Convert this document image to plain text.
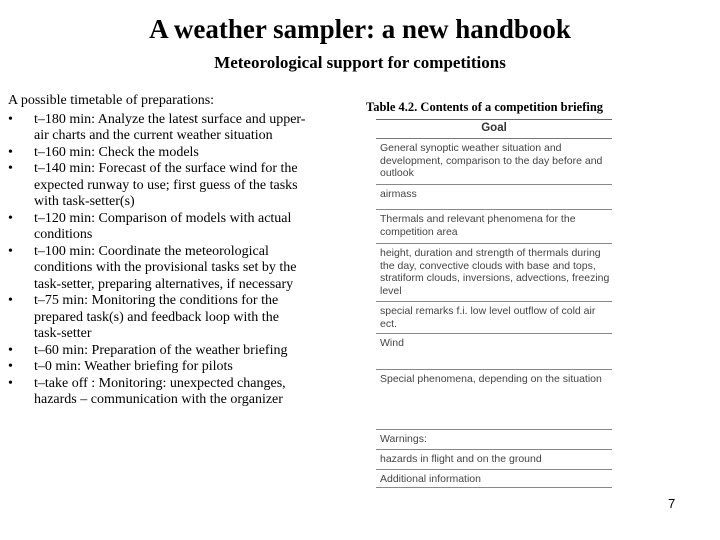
A weather sampler: a new handbook
Meteorological support for competitions

A possible timetable of preparations:

• t–180 min: Analyze the latest surface and upper-air charts and the current weather situation
• t–160 min: Check the models
• t–140 min: Forecast of the surface wind for the expected runway to use; first guess of the tasks with task-setter(s)
• t–120 min: Comparison of models with actual conditions
• t–100 min: Coordinate the meteorological conditions with the provisional tasks set by the task-setter, preparing alternatives, if necessary
• t–75 min: Monitoring the conditions for the prepared task(s) and feedback loop with the task-setter
• t–60 min: Preparation of the weather briefing
• t–0 min: Weather briefing for pilots
• t–take off : Monitoring: unexpected changes, hazards – communication with the organizer

Table 4.2. Contents of a competition briefing

Goal
General synoptic weather situation and development, comparison to the day before and outlook
airmass
Thermals and relevant phenomena for the competition area
height, duration and strength of thermals during the day, convective clouds with base and tops, stratiform clouds, inversions, advections, freezing level
special remarks f.i. low level outflow of cold air ect.
Wind
Special phenomena, depending on the situation
Warnings:
hazards in flight and on the ground
Additional information
7
